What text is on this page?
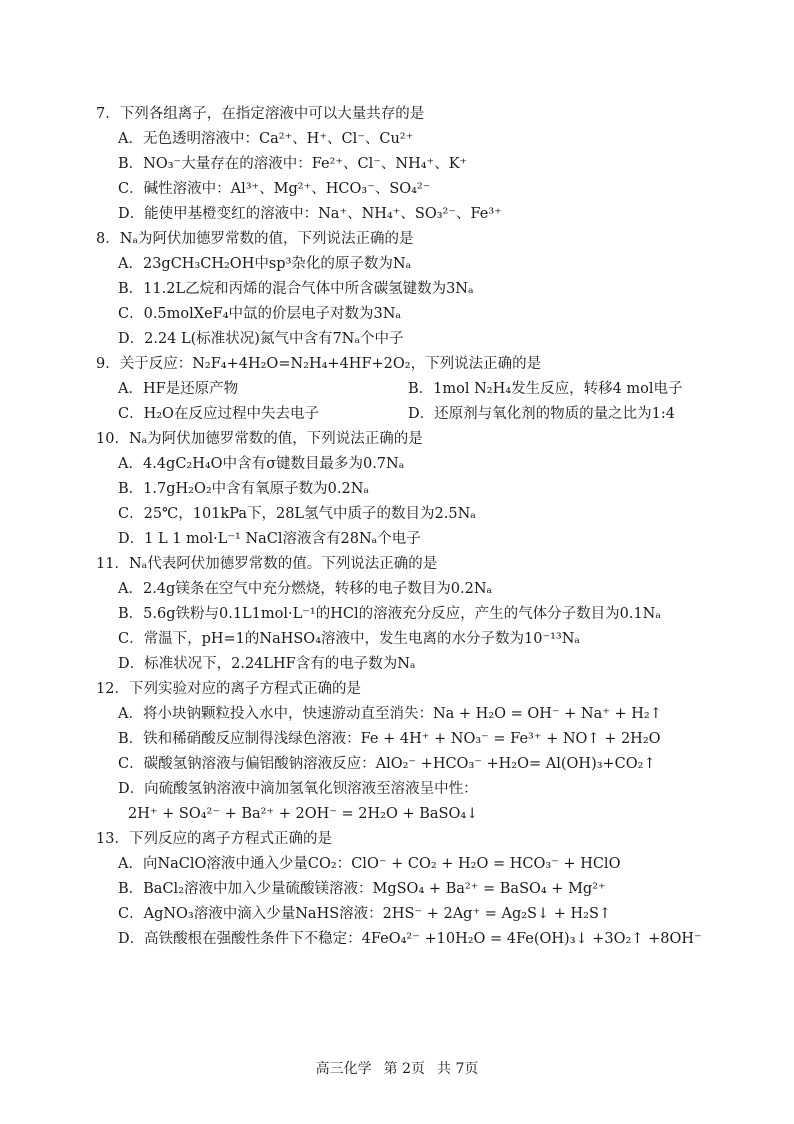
7．下列各组离子，在指定溶液中可以大量共存的是

A．无色透明溶液中：Ca²⁺、H⁺、Cl⁻、Cu²⁺

B．NO₃⁻大量存在的溶液中：Fe²⁺、Cl⁻、NH₄⁺、K⁺

C．碱性溶液中：Al³⁺、Mg²⁺、HCO₃⁻、SO₄²⁻

D．能使甲基橙变红的溶液中：Na⁺、NH₄⁺、SO₃²⁻、Fe³⁺

8．Nₐ为阿伏加德罗常数的值，下列说法正确的是

A．23gCH₃CH₂OH中sp³杂化的原子数为Nₐ

B．11.2L乙烷和丙烯的混合气体中所含碳氢键数为3Nₐ

C．0.5molXeF₄中氙的价层电子对数为3Nₐ

D．2.24 L(标准状况)氮气中含有7Nₐ个中子

9．关于反应：N₂F₄+4H₂O=N₂H₄+4HF+2O₂，下列说法正确的是

A．HF是还原产物	B．1mol N₂H₄发生反应，转移4 mol电子
C．H₂O在反应过程中失去电子	D．还原剂与氧化剂的物质的量之比为1:4

10．Nₐ为阿伏加德罗常数的值，下列说法正确的是

A．4.4gC₂H₄O中含有σ键数目最多为0.7Nₐ

B．1.7gH₂O₂中含有氧原子数为0.2Nₐ

C．25℃，101kPa下，28L氢气中质子的数目为2.5Nₐ

D．1 L 1 mol·L⁻¹ NaCl溶液含有28Nₐ个电子

11．Nₐ代表阿伏加德罗常数的值。下列说法正确的是

A．2.4g镁条在空气中充分燃烧，转移的电子数目为0.2Nₐ

B．5.6g铁粉与0.1L1mol·L⁻¹的HCl的溶液充分反应，产生的气体分子数目为0.1Nₐ

C．常温下，pH=1的NaHSO₄溶液中，发生电离的水分子数为10⁻¹³Nₐ

D．标准状况下，2.24LHF含有的电子数为Nₐ

12．下列实验对应的离子方程式正确的是

A．将小块钠颗粒投入水中，快速游动直至消失：Na + H₂O = OH⁻ + Na⁺ + H₂↑

B．铁和稀硝酸反应制得浅绿色溶液：Fe + 4H⁺ + NO₃⁻ = Fe³⁺ + NO↑ + 2H₂O

C．碳酸氢钠溶液与偏铝酸钠溶液反应：AlO₂⁻ +HCO₃⁻ +H₂O= Al(OH)₃+CO₂↑

D．向硫酸氢钠溶液中滴加氢氧化钡溶液至溶液呈中性：

2H⁺ + SO₄²⁻ + Ba²⁺ + 2OH⁻ = 2H₂O + BaSO₄↓

13．下列反应的离子方程式正确的是

A．向NaClO溶液中通入少量CO₂：ClO⁻ + CO₂ + H₂O = HCO₃⁻ + HClO

B．BaCl₂溶液中加入少量硫酸镁溶液：MgSO₄ + Ba²⁺ = BaSO₄ + Mg²⁺

C．AgNO₃溶液中滴入少量NaHS溶液：2HS⁻ + 2Ag⁺ = Ag₂S↓ + H₂S↑

D．高铁酸根在强酸性条件下不稳定：4FeO₄²⁻ +10H₂O = 4Fe(OH)₃↓ +3O₂↑ +8OH⁻

高三化学 第 2页 共 7页
